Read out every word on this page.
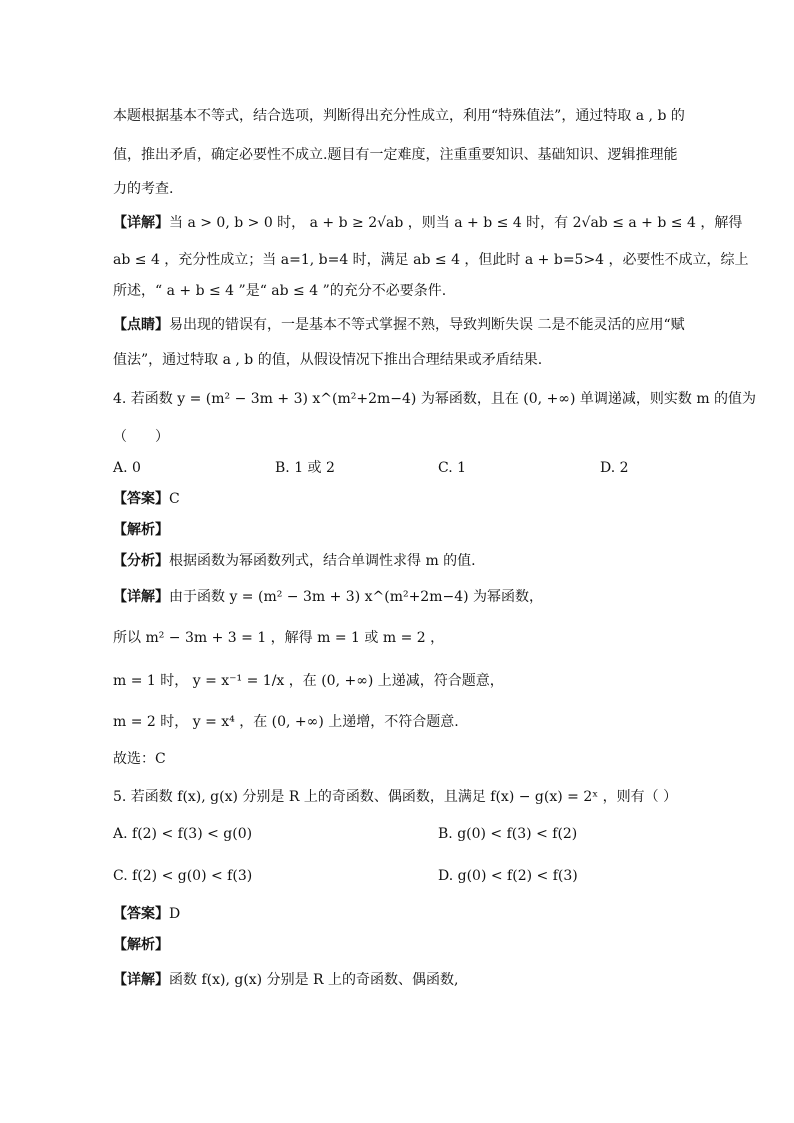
本题根据基本不等式，结合选项，判断得出充分性成立，利用“特殊值法”，通过特取 a , b 的
值，推出矛盾，确定必要性不成立.题目有一定难度，注重重要知识、基础知识、逻辑推理能
力的考查.
【详解】当 a > 0, b > 0 时， a + b ≥ 2√ab ，则当 a + b ≤ 4 时，有 2√ab ≤ a + b ≤ 4 ，解得
ab ≤ 4 ，充分性成立；当 a=1, b=4 时，满足 ab ≤ 4 ，但此时 a + b=5>4 ，必要性不成立，综上
所述，“ a + b ≤ 4 ”是“ ab ≤ 4 ”的充分不必要条件.
【点睛】易出现的错误有，一是基本不等式掌握不熟，导致判断失误 二是不能灵活的应用“赋
值法”，通过特取 a , b 的值，从假设情况下推出合理结果或矛盾结果.
4. 若函数 y = (m² − 3m + 3) x^(m²+2m−4) 为幂函数，且在 (0, +∞) 单调递减，则实数 m 的值为
（　　）
【答案】C
【解析】
【分析】根据函数为幂函数列式，结合单调性求得 m 的值.
【详解】由于函数 y = (m² − 3m + 3) x^(m²+2m−4) 为幂函数，
所以 m² − 3m + 3 = 1 ，解得 m = 1 或 m = 2 ，
m = 1 时， y = x⁻¹ = 1/x ，在 (0, +∞) 上递减，符合题意，
m = 2 时， y = x⁴ ，在 (0, +∞) 上递增，不符合题意.
故选：C
5. 若函数 f(x), g(x) 分别是 R 上的奇函数、偶函数，且满足 f(x) − g(x) = 2ˣ ，则有（ ）
【答案】D
【解析】
【详解】函数 f(x), g(x) 分别是 R 上的奇函数、偶函数,
A. 0	B. 1 或 2	C. 1	D. 2
A. f(2) < f(3) < g(0)	B. g(0) < f(3) < f(2)
C. f(2) < g(0) < f(3)	D. g(0) < f(2) < f(3)
